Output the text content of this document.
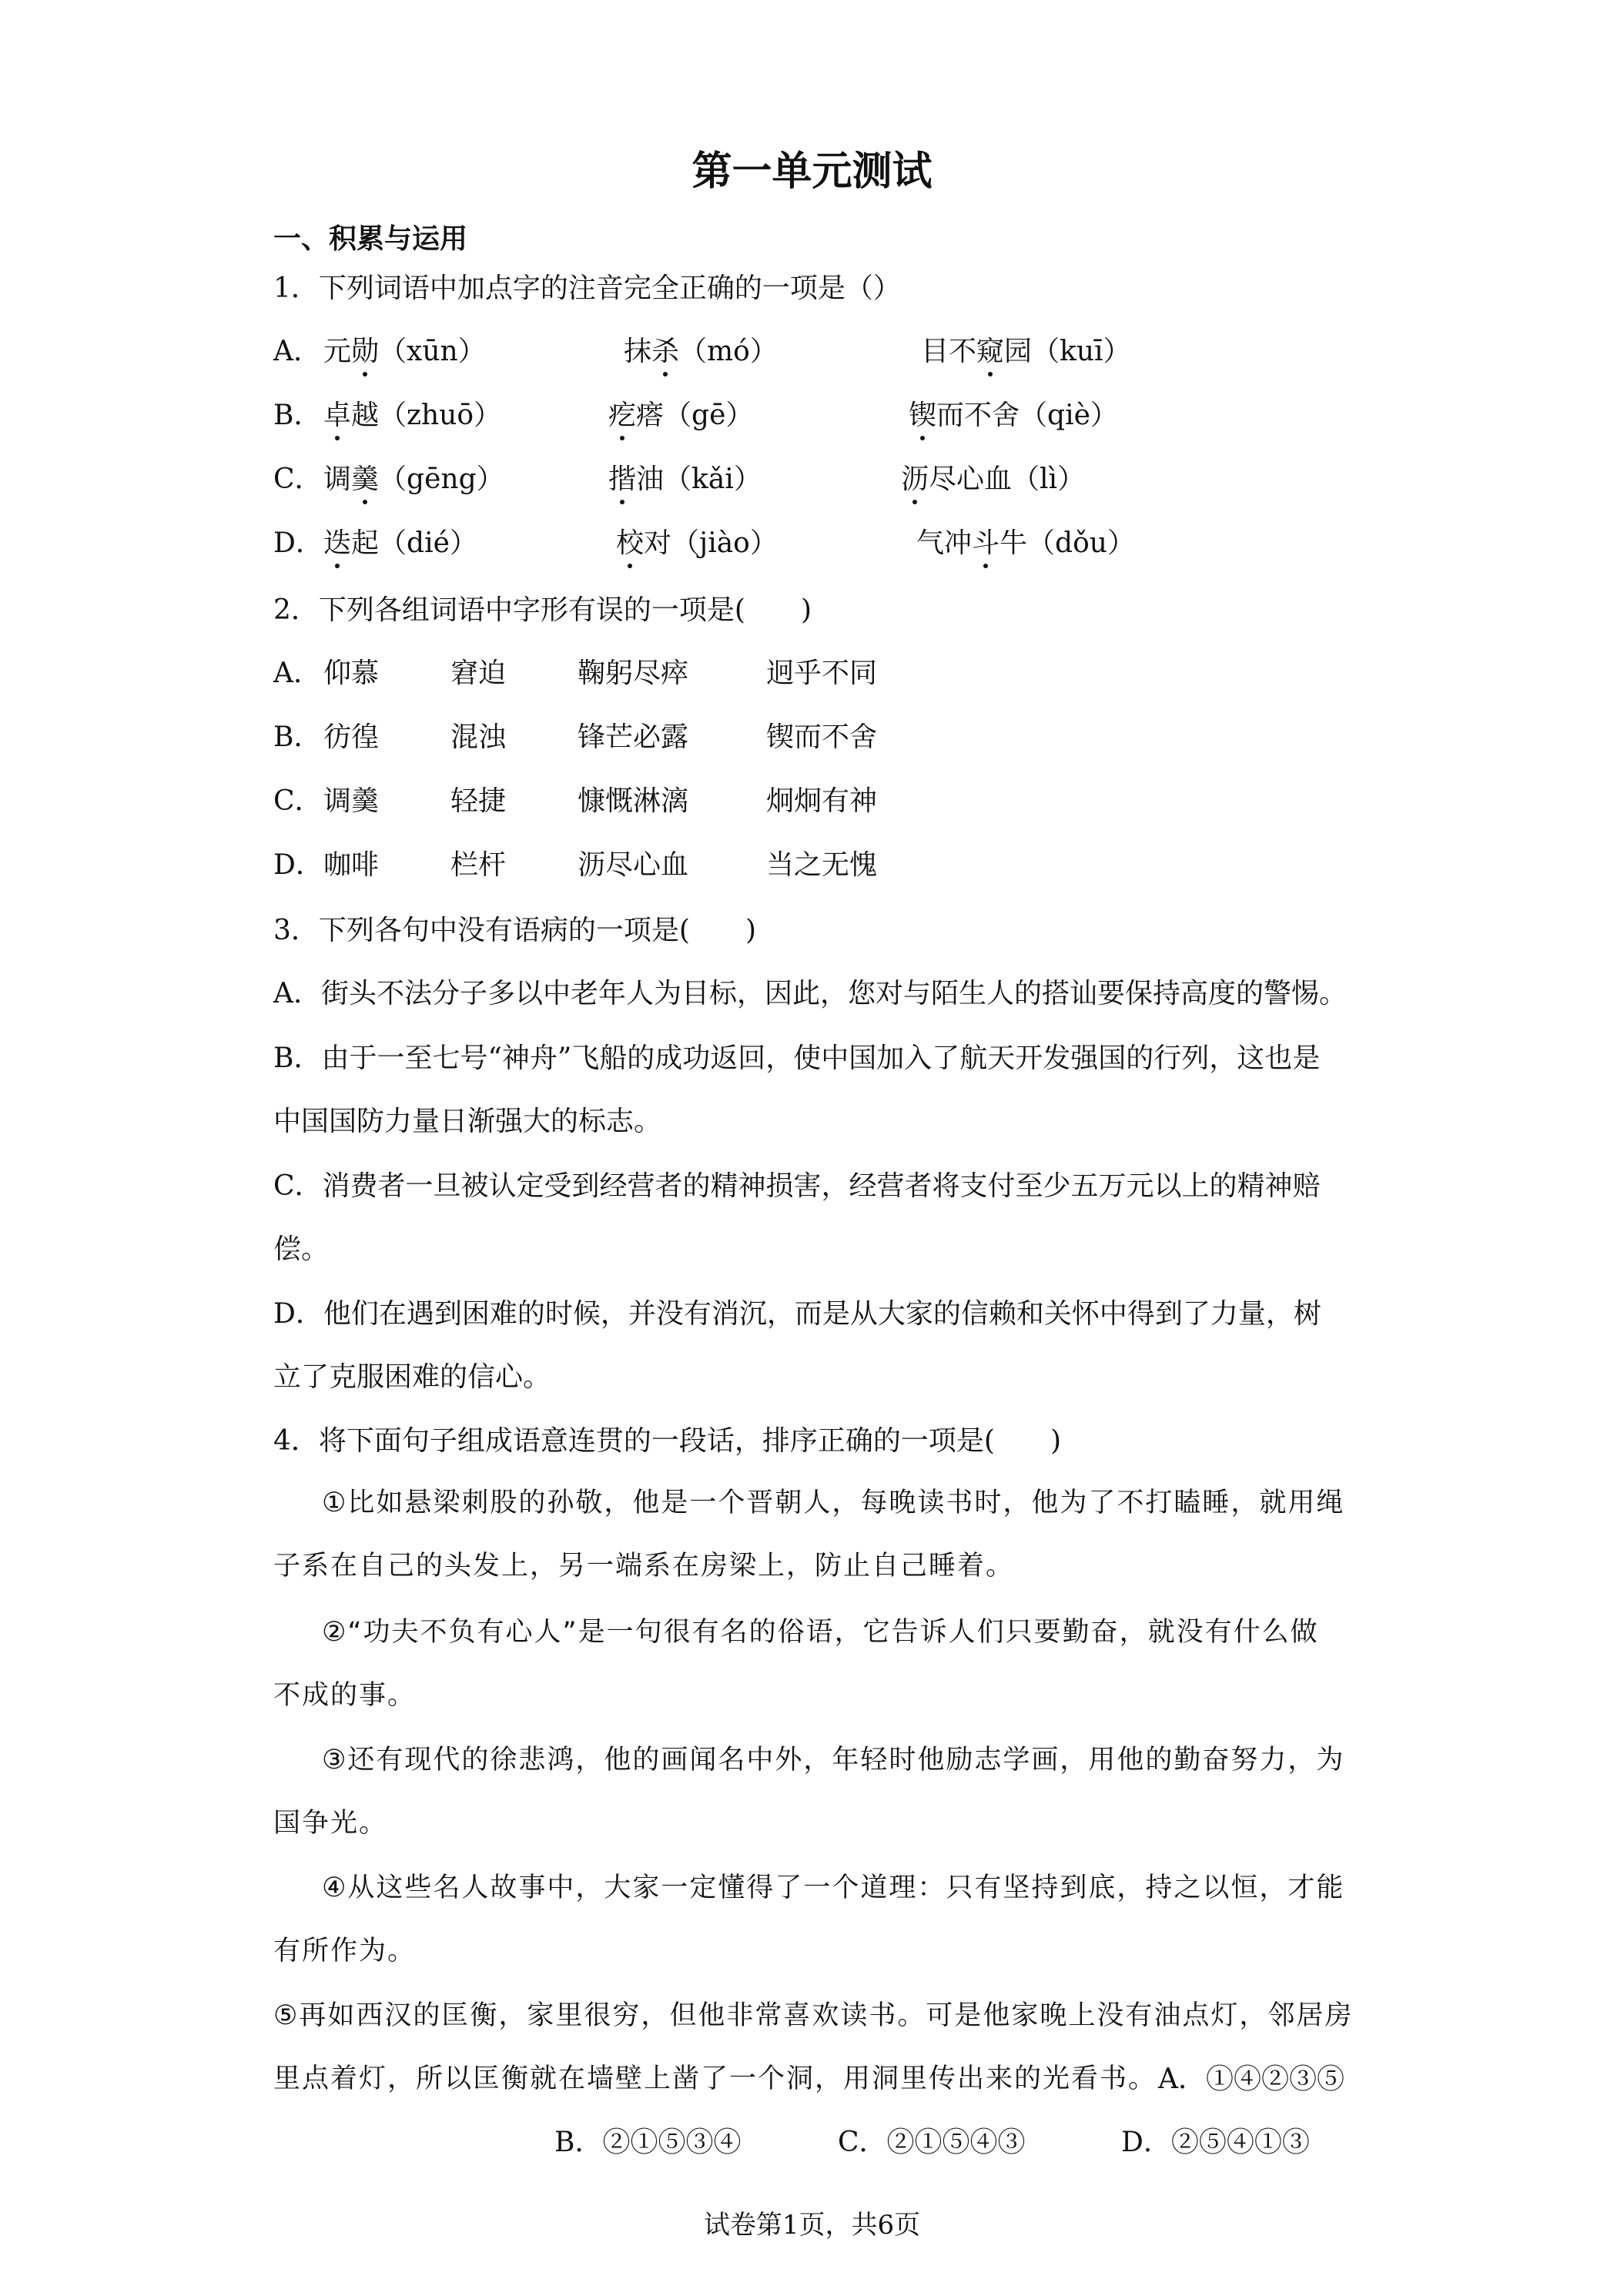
第一单元测试
一、积累与运用
1．下列词语中加点字的注音完全正确的一项是（）
A． 元勋（xūn）	抹杀（mó）	目不窥园（kuī）
B． 卓越（zhuō）	疙瘩（gē）	锲而不舍（qiè）
C． 调羹（gēng）	揩油（kǎi）	沥尽心血（lì）
D． 迭起（dié）	校对（jiào）	气冲斗牛（dǒu）
2．下列各组词语中字形有误的一项是(　　)
A． 仰慕	窘迫	鞠躬尽瘁	迥乎不同
B． 彷徨	混浊	锋芒必露	锲而不舍
C． 调羹	轻捷	慷慨淋漓	炯炯有神
D． 咖啡	栏杆	沥尽心血	当之无愧
3．下列各句中没有语病的一项是(　　)
A．街头不法分子多以中老年人为目标，因此，您对与陌生人的搭讪要保持高度的警惕。
B．由于一至七号“神舟”飞船的成功返回，使中国加入了航天开发强国的行列，这也是
中国国防力量日渐强大的标志。
C．消费者一旦被认定受到经营者的精神损害，经营者将支付至少五万元以上的精神赔
偿。
D．他们在遇到困难的时候，并没有消沉，而是从大家的信赖和关怀中得到了力量，树
立了克服困难的信心。
4．将下面句子组成语意连贯的一段话，排序正确的一项是(　　)
①比如悬梁刺股的孙敬，他是一个晋朝人，每晚读书时，他为了不打瞌睡，就用绳
子系在自己的头发上，另一端系在房梁上，防止自己睡着。
②“功夫不负有心人”是一句很有名的俗语，它告诉人们只要勤奋，就没有什么做
不成的事。
③还有现代的徐悲鸿，他的画闻名中外，年轻时他励志学画，用他的勤奋努力，为
国争光。
④从这些名人故事中，大家一定懂得了一个道理：只有坚持到底，持之以恒，才能
有所作为。
⑤再如西汉的匡衡，家里很穷，但他非常喜欢读书。可是他家晚上没有油点灯，邻居房
里点着灯，所以匡衡就在墙壁上凿了一个洞，用洞里传出来的光看书。 A．①④②③⑤
B．②①⑤③④	C．②①⑤④③	D．②⑤④①③
试卷第1页，共6页
